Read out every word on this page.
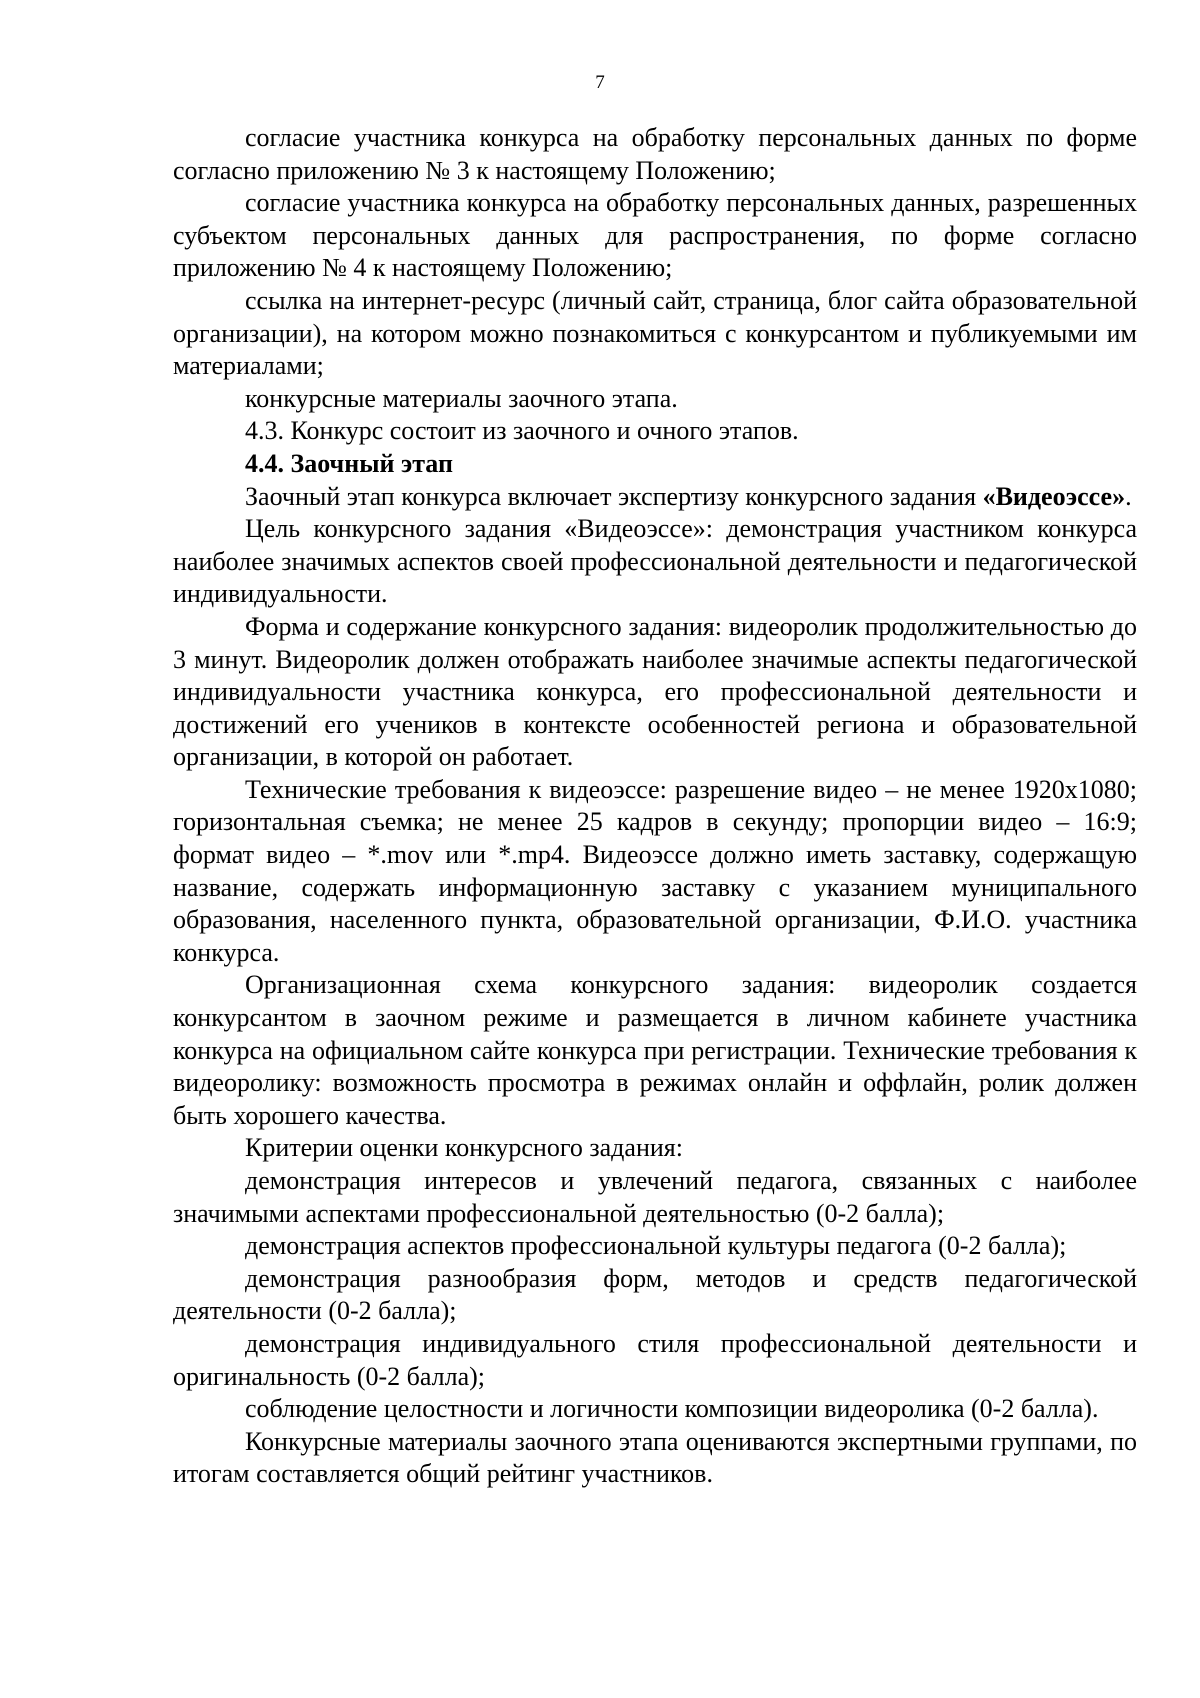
7

согласие участника конкурса на обработку персональных данных по форме согласно приложению № 3 к настоящему Положению;

согласие участника конкурса на обработку персональных данных, разрешенных субъектом персональных данных для распространения, по форме согласно приложению № 4 к настоящему Положению;

ссылка на интернет-ресурс (личный сайт, страница, блог сайта образовательной организации), на котором можно познакомиться с конкурсантом и публикуемыми им материалами;

конкурсные материалы заочного этапа.

4.3. Конкурс состоит из заочного и очного этапов.

4.4. Заочный этап

Заочный этап конкурса включает экспертизу конкурсного задания «Видеоэссе».

Цель конкурсного задания «Видеоэссе»: демонстрация участником конкурса наиболее значимых аспектов своей профессиональной деятельности и педагогической индивидуальности.

Форма и содержание конкурсного задания: видеоролик продолжительностью до 3 минут. Видеоролик должен отображать наиболее значимые аспекты педагогической индивидуальности участника конкурса, его профессиональной деятельности и достижений его учеников в контексте особенностей региона и образовательной организации, в которой он работает.

Технические требования к видеоэссе: разрешение видео – не менее 1920x1080; горизонтальная съемка; не менее 25 кадров в секунду; пропорции видео – 16:9; формат видео – *.mov или *.mp4. Видеоэссе должно иметь заставку, содержащую название, содержать информационную заставку с указанием муниципального образования, населенного пункта, образовательной организации, Ф.И.О. участника конкурса.

Организационная схема конкурсного задания: видеоролик создается конкурсантом в заочном режиме и размещается в личном кабинете участника конкурса на официальном сайте конкурса при регистрации. Технические требования к видеоролику: возможность просмотра в режимах онлайн и оффлайн, ролик должен быть хорошего качества.

Критерии оценки конкурсного задания:

демонстрация интересов и увлечений педагога, связанных с наиболее значимыми аспектами профессиональной деятельностью (0-2 балла);

демонстрация аспектов профессиональной культуры педагога (0-2 балла);

демонстрация разнообразия форм, методов и средств педагогической деятельности (0-2 балла);

демонстрация индивидуального стиля профессиональной деятельности и оригинальность (0-2 балла);

соблюдение целостности и логичности композиции видеоролика (0-2 балла).

Конкурсные материалы заочного этапа оцениваются экспертными группами, по итогам составляется общий рейтинг участников.
